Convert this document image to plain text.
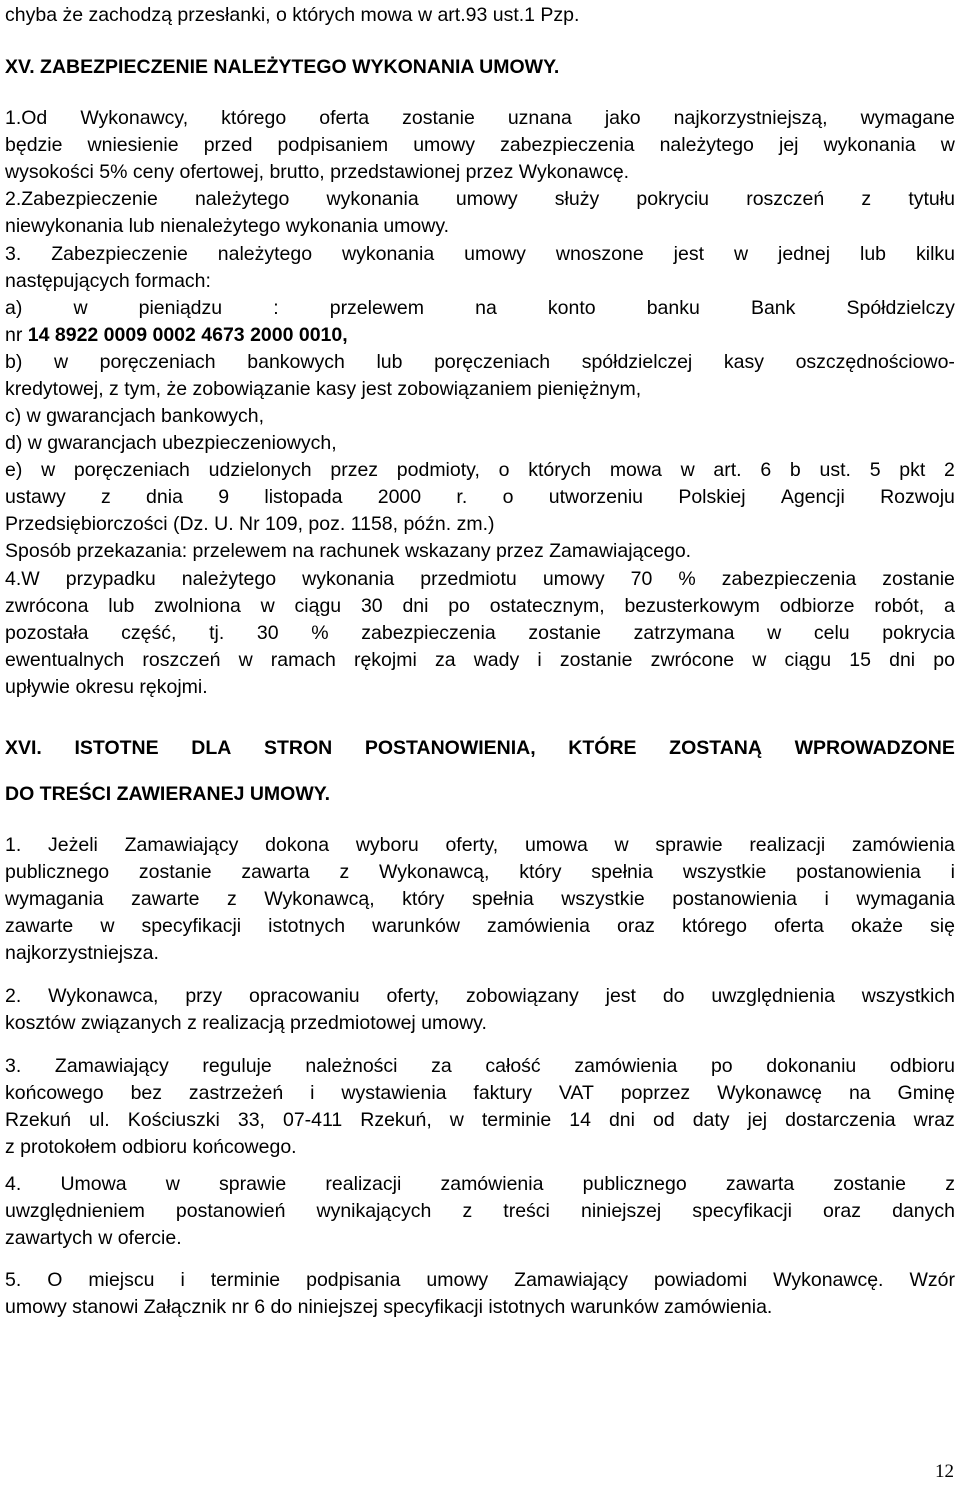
chyba że zachodzą przesłanki, o których mowa w art.93 ust.1 Pzp.
XV. ZABEZPIECZENIE NALEŻYTEGO WYKONANIA UMOWY.
1.Od Wykonawcy, którego oferta zostanie uznana jako najkorzystniejszą, wymagane
będzie wniesienie przed podpisaniem umowy zabezpieczenia należytego jej wykonania w
wysokości 5% ceny ofertowej, brutto, przedstawionej przez Wykonawcę.
2.Zabezpieczenie należytego wykonania umowy służy pokryciu roszczeń z tytułu
niewykonania lub nienależytego wykonania umowy.
3. Zabezpieczenie należytego wykonania umowy wnoszone jest w jednej lub kilku
następujących formach:
a)	w	pieniądzu	:	przelewem	na	konto	banku	Bank	Spółdzielczy
nr 14 8922 0009 0002 4673 2000 0010,
b) w poręczeniach bankowych lub poręczeniach spółdzielczej kasy oszczędnościowo-
kredytowej, z tym, że zobowiązanie kasy jest zobowiązaniem pieniężnym,
c) w gwarancjach bankowych,
d) w gwarancjach ubezpieczeniowych,
e) w poręczeniach udzielonych przez podmioty, o których mowa w art. 6 b ust. 5 pkt 2
ustawy z dnia 9 listopada 2000 r. o utworzeniu Polskiej Agencji Rozwoju
Przedsiębiorczości (Dz. U. Nr 109, poz. 1158, późn. zm.)
Sposób przekazania: przelewem na rachunek wskazany przez Zamawiającego.
4.W przypadku należytego wykonania przedmiotu umowy 70 % zabezpieczenia zostanie
zwrócona lub zwolniona w ciągu 30 dni po ostatecznym, bezusterkowym odbiorze robót, a
pozostała część, tj. 30 % zabezpieczenia zostanie zatrzymana w celu pokrycia
ewentualnych roszczeń w ramach rękojmi za wady i zostanie zwrócone w ciągu 15 dni po
upływie okresu rękojmi.
XVI. ISTOTNE DLA STRON POSTANOWIENIA, KTÓRE ZOSTANĄ WPROWADZONE
DO TREŚCI ZAWIERANEJ UMOWY.
1. Jeżeli Zamawiający dokona wyboru oferty, umowa w sprawie realizacji zamówienia
publicznego zostanie zawarta z Wykonawcą, który spełnia wszystkie postanowienia i
wymagania zawarte z Wykonawcą, który spełnia wszystkie postanowienia i wymagania
zawarte w specyfikacji istotnych warunków zamówienia oraz którego oferta okaże się
najkorzystniejsza.
2. Wykonawca, przy opracowaniu oferty, zobowiązany jest do uwzględnienia wszystkich
kosztów związanych z realizacją przedmiotowej umowy.
3. Zamawiający reguluje należności za całość zamówienia po dokonaniu odbioru
końcowego bez zastrzeżeń i wystawienia faktury VAT poprzez Wykonawcę na Gminę
Rzekuń ul. Kościuszki 33, 07-411 Rzekuń, w terminie 14 dni od daty jej dostarczenia wraz
z protokołem odbioru końcowego.
4. Umowa w sprawie realizacji zamówienia publicznego zawarta zostanie z
uwzględnieniem postanowień wynikających z treści niniejszej specyfikacji oraz danych
zawartych w ofercie.
5. O miejscu i terminie podpisania umowy Zamawiający powiadomi Wykonawcę. Wzór
umowy stanowi Załącznik nr 6 do niniejszej specyfikacji istotnych warunków zamówienia.
12
